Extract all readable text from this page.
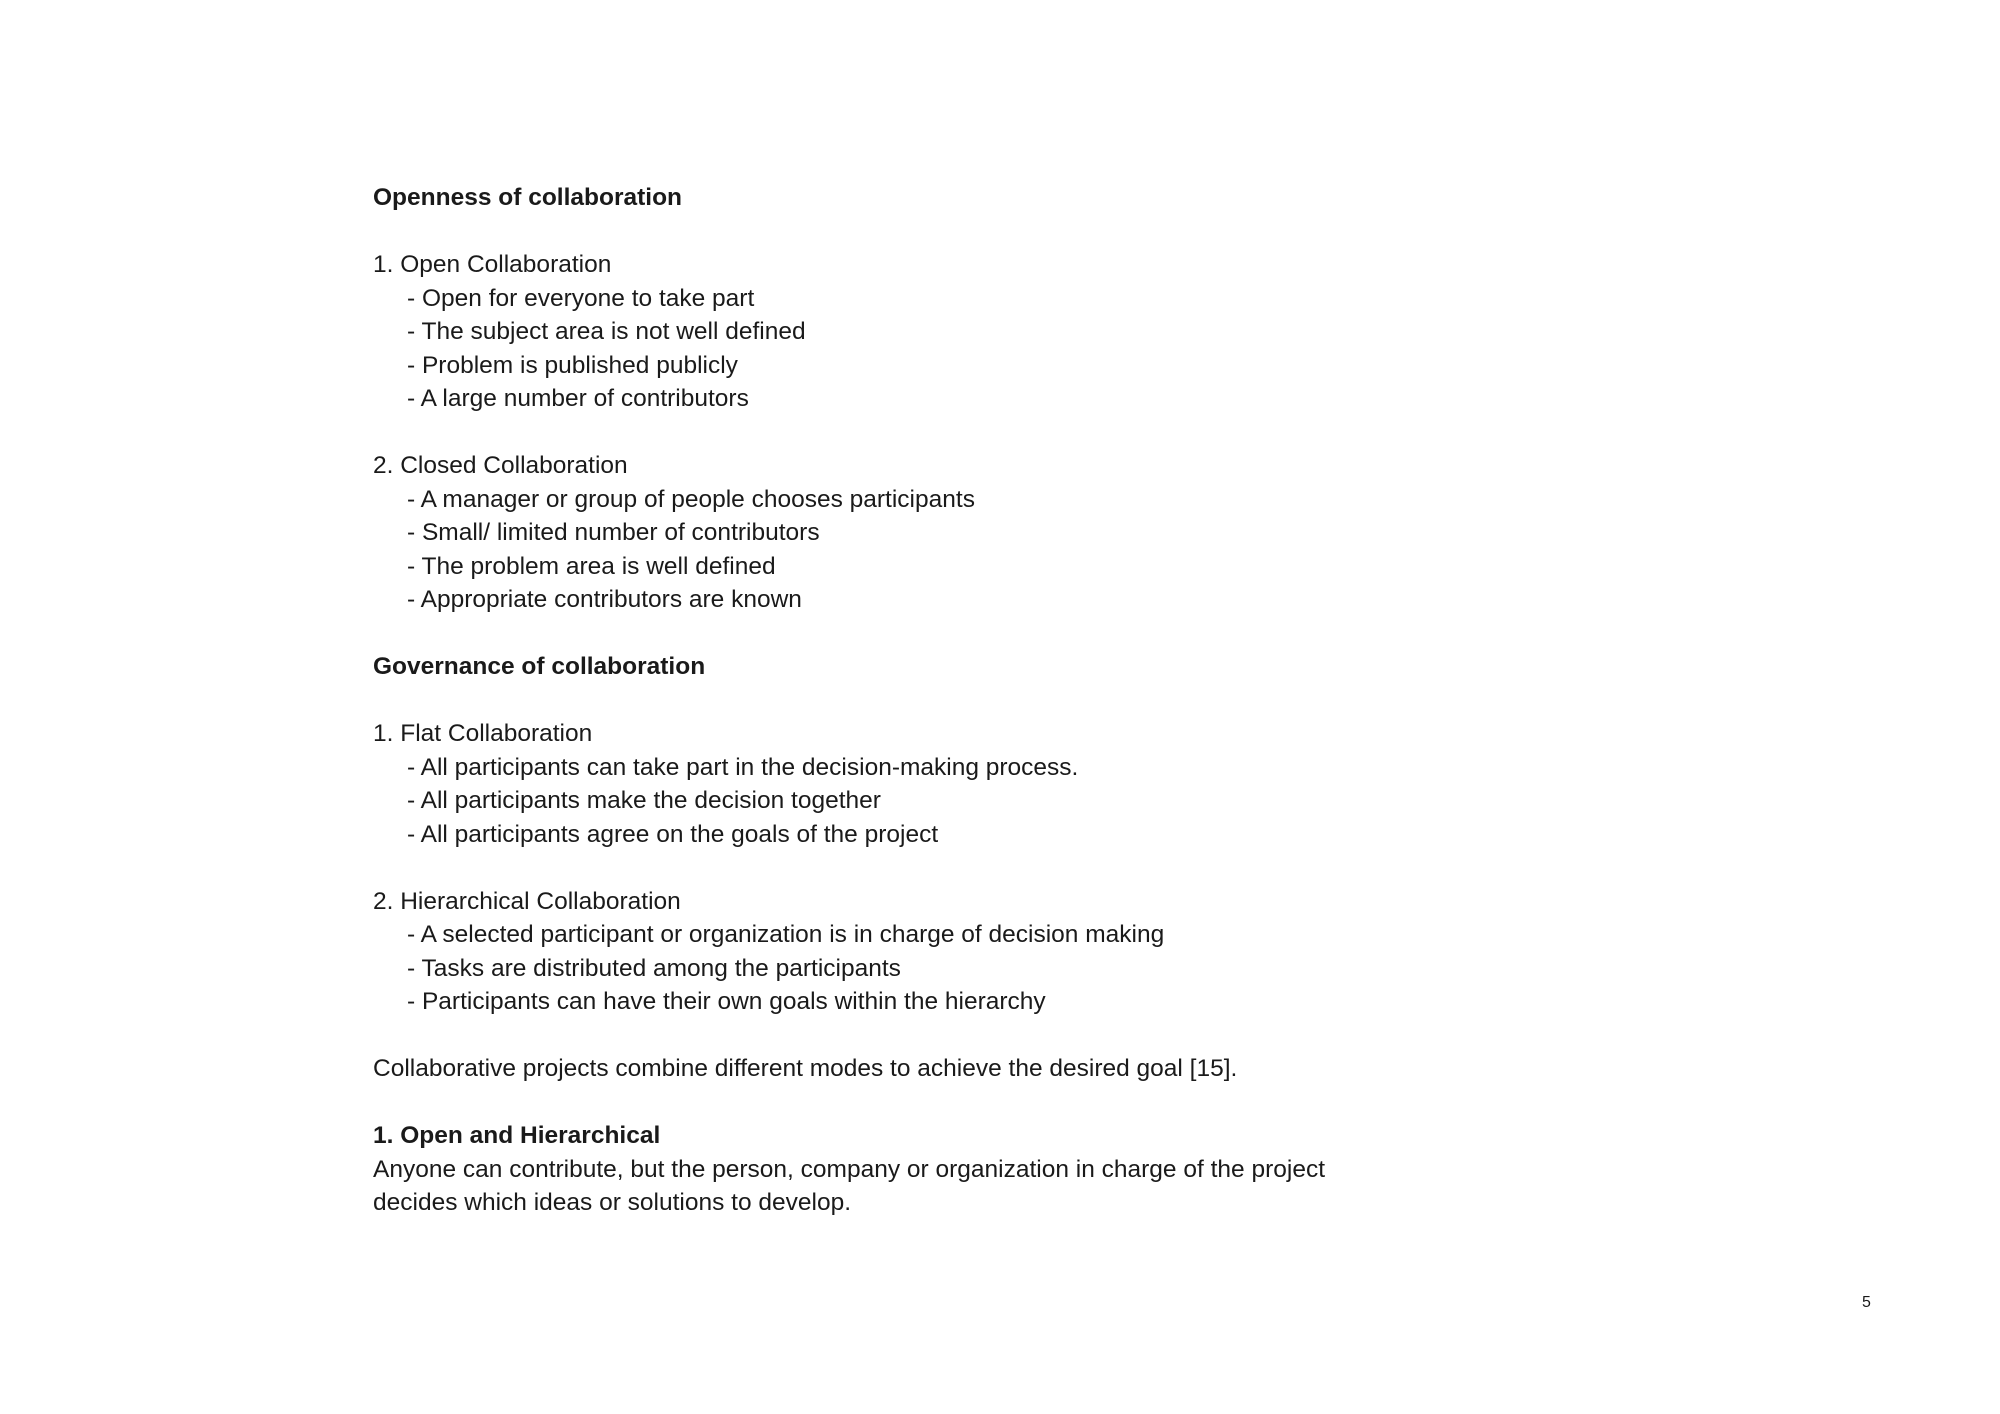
Openness of collaboration
1. Open Collaboration
- Open for everyone to take part
- The subject area is not well defined
- Problem is published publicly
- A large number of contributors
2. Closed Collaboration
- A manager or group of people chooses participants
- Small/ limited number of contributors
- The problem area is well defined
- Appropriate contributors are known
Governance of collaboration
1. Flat Collaboration
- All participants can take part in the decision-making process.
- All participants make the decision together
- All participants agree on the goals of the project
2. Hierarchical Collaboration
- A selected participant or organization is in charge of decision making
- Tasks are distributed among the participants
- Participants can have their own goals within the hierarchy
Collaborative projects combine different modes to achieve the desired goal [15].
1. Open and Hierarchical
Anyone can contribute, but the person, company or organization in charge of the project
decides which ideas or solutions to develop.
5
